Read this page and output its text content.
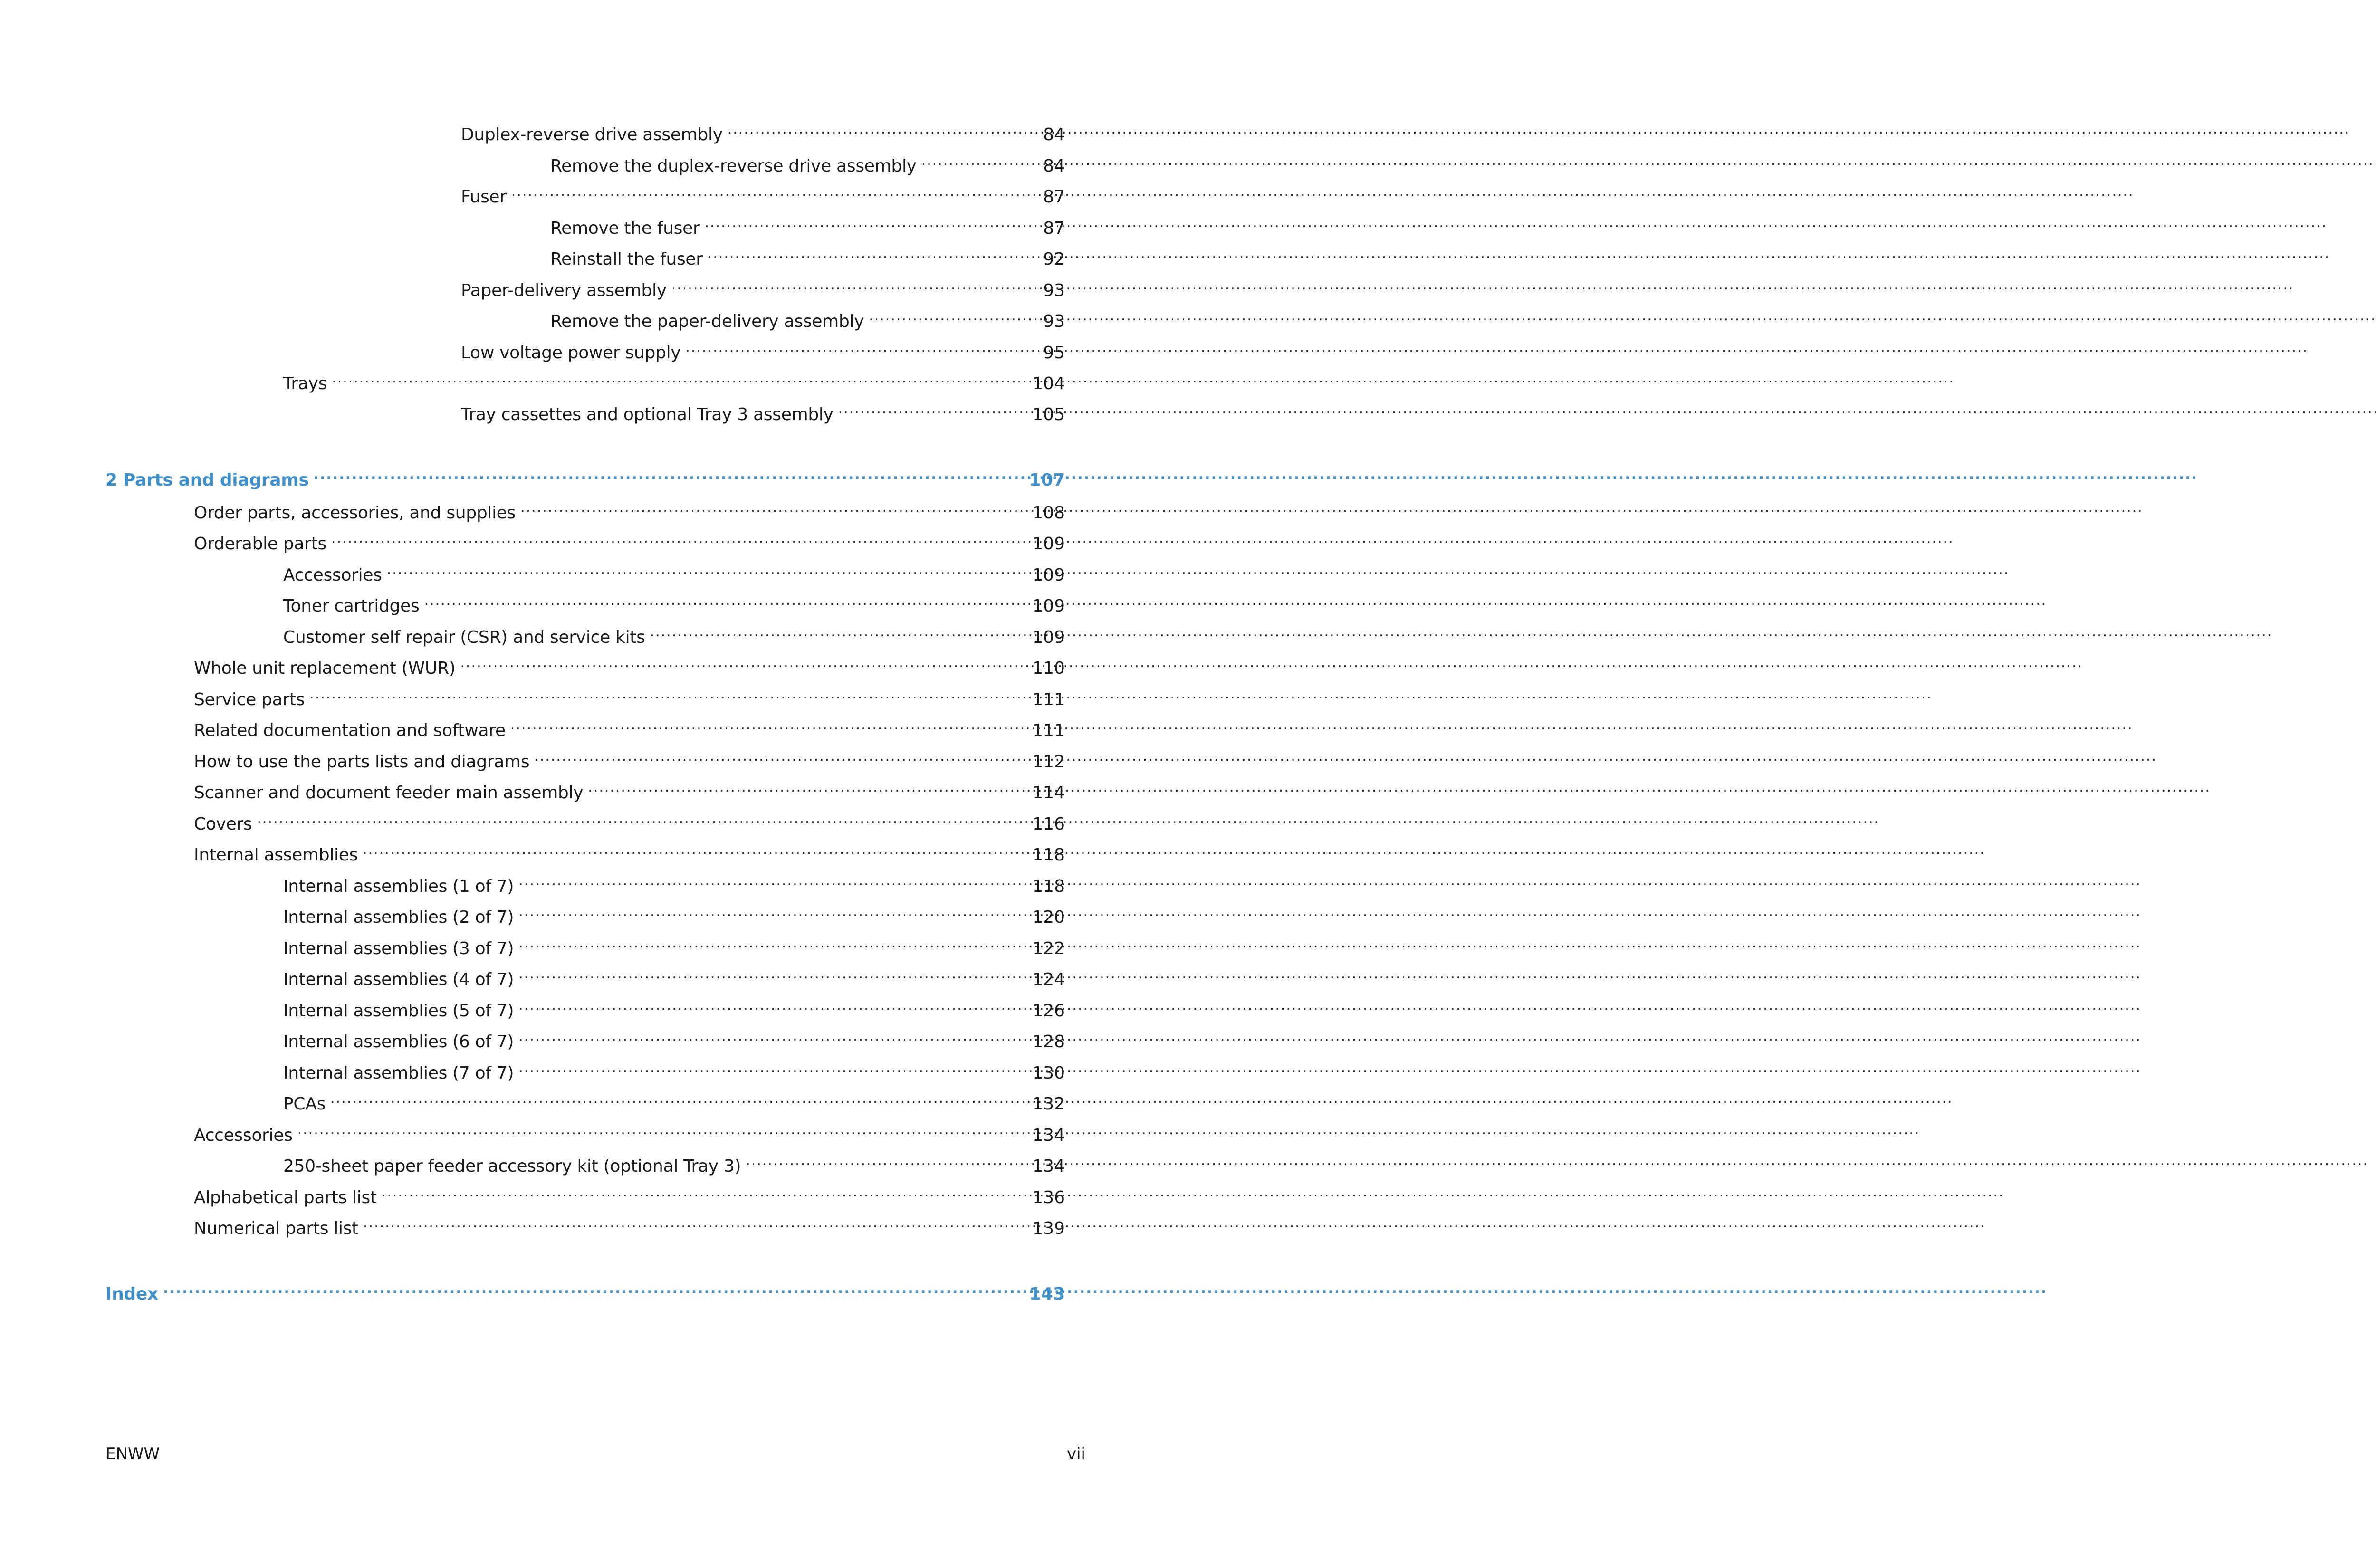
Duplex-reverse drive assembly .....	84
Remove the duplex-reverse drive assembly .....	84
Fuser .....	87
Remove the fuser .....	87
Reinstall the fuser .....	92
Paper-delivery assembly .....	93
Remove the paper-delivery assembly .....	93
Low voltage power supply .....	95
Trays .....	104
Tray cassettes and optional Tray 3 assembly .....	105
2 Parts and diagrams .....	107
Order parts, accessories, and supplies .....	108
Orderable parts .....	109
Accessories .....	109
Toner cartridges .....	109
Customer self repair (CSR) and service kits .....	109
Whole unit replacement (WUR) .....	110
Service parts .....	111
Related documentation and software .....	111
How to use the parts lists and diagrams .....	112
Scanner and document feeder main assembly .....	114
Covers .....	116
Internal assemblies .....	118
Internal assemblies (1 of 7) .....	118
Internal assemblies (2 of 7) .....	120
Internal assemblies (3 of 7) .....	122
Internal assemblies (4 of 7) .....	124
Internal assemblies (5 of 7) .....	126
Internal assemblies (6 of 7) .....	128
Internal assemblies (7 of 7) .....	130
PCAs .....	132
Accessories .....	134
250-sheet paper feeder accessory kit (optional Tray 3) .....	134
Alphabetical parts list .....	136
Numerical parts list .....	139
Index .....	143
ENWW	vii
